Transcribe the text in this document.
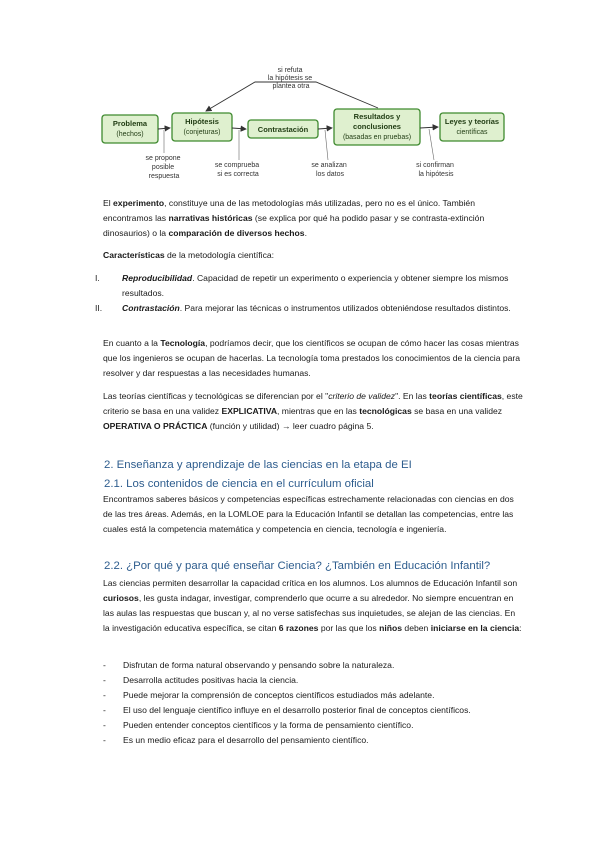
Problema
(hechos)
Hipótesis
(conjeturas)	Contrastación
Resultados y
conclusiones
(basadas en pruebas)
Leyes y teorías
científicas
si refuta la hipótesis se plantea otra
se propone posible respuesta
se comprueba si es correcta
se analizan los datos
si confirman la hipótesis
El experimento, constituye una de las metodologías más utilizadas, pero no es el único. También encontramos las narrativas históricas (se explica por qué ha podido pasar y se contrasta-extinción dinosaurios) o la comparación de diversos hechos.
Características de la metodología científica:
I.	Reproducibilidad. Capacidad de repetir un experimento o experiencia y obtener siempre los mismos resultados.
II. Contrastación. Para mejorar las técnicas o instrumentos utilizados obteniéndose resultados distintos.
En cuanto a la Tecnología, podríamos decir, que los científicos se ocupan de cómo hacer las cosas mientras que los ingenieros se ocupan de hacerlas. La tecnología toma prestados los conocimientos de la ciencia para resolver y dar respuestas a las necesidades humanas.
Las teorías científicas y tecnológicas se diferencian por el "criterio de validez". En las teorías científicas, este criterio se basa en una validez EXPLICATIVA, mientras que en las tecnológicas se basa en una validez OPERATIVA O PRÁCTICA (función y utilidad) → leer cuadro página 5.
2. Enseñanza y aprendizaje de las ciencias en la etapa de EI
2.1. Los contenidos de ciencia en el currículum oficial
Encontramos saberes básicos y competencias específicas estrechamente relacionadas con ciencias en dos de las tres áreas. Además, en la LOMLOE para la Educación Infantil se detallan las competencias, entre las cuales está la competencia matemática y competencia en ciencia, tecnología e ingeniería.
2.2. ¿Por qué y para qué enseñar Ciencia? ¿También en Educación Infantil?
Las ciencias permiten desarrollar la capacidad crítica en los alumnos. Los alumnos de Educación Infantil son curiosos, les gusta indagar, investigar, comprenderlo que ocurre a su alrededor. No siempre encuentran en las aulas las respuestas que buscan y, al no verse satisfechas sus inquietudes, se alejan de las ciencias. En la investigación educativa específica, se citan 6 razones por las que los niños deben iniciarse en la ciencia:
- Disfrutan de forma natural observando y pensando sobre la naturaleza.
- Desarrolla actitudes positivas hacia la ciencia.
- Puede mejorar la comprensión de conceptos científicos estudiados más adelante.
- El uso del lenguaje científico influye en el desarrollo posterior final de conceptos científicos.
- Pueden entender conceptos científicos y la forma de pensamiento científico.
- Es un medio eficaz para el desarrollo del pensamiento científico.
